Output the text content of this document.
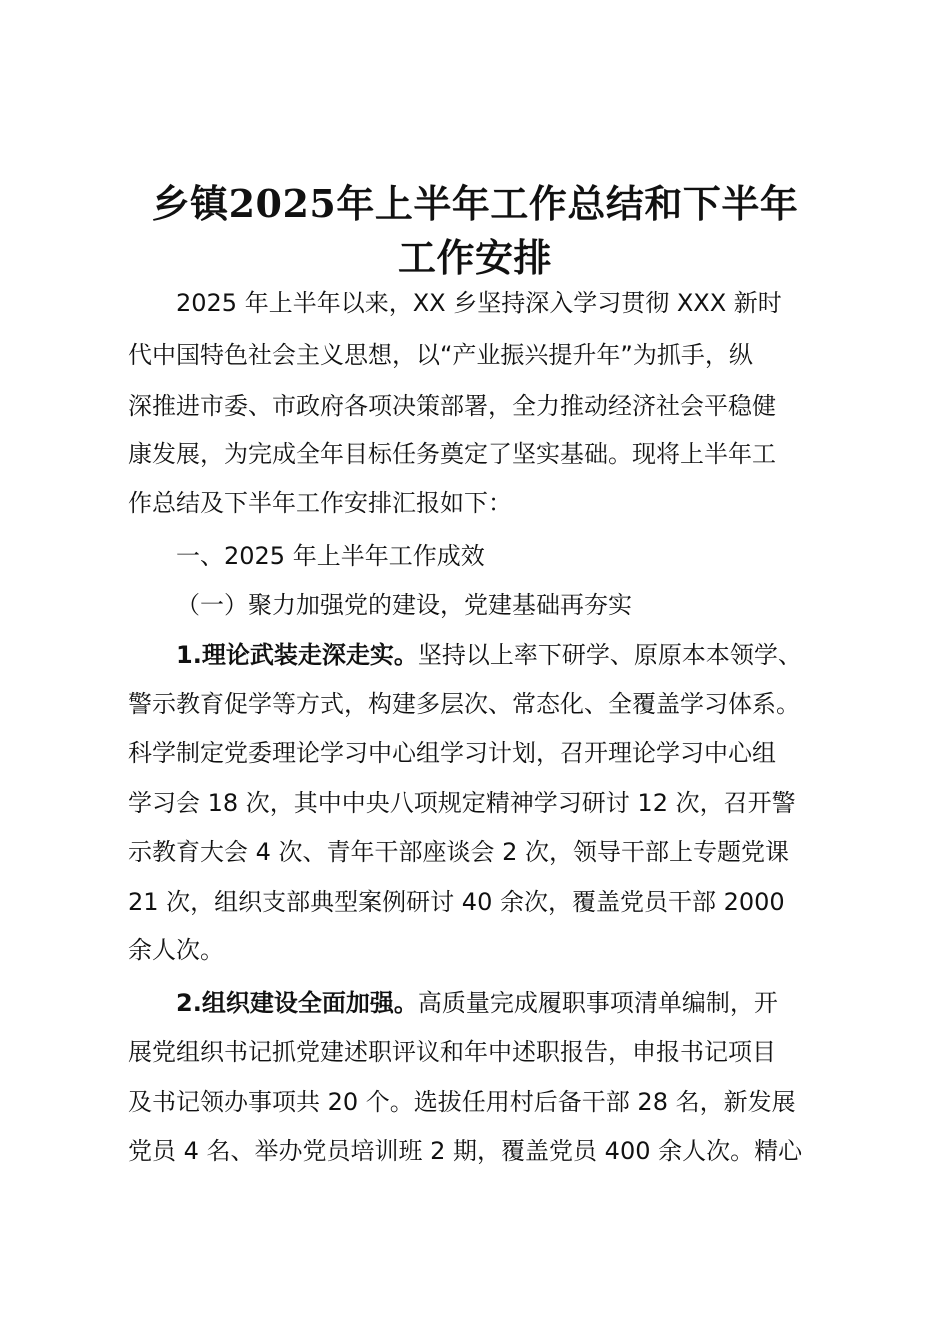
乡镇2025年上半年工作总结和下半年
工作安排

2025 年上半年以来，XX 乡坚持深入学习贯彻 XXX 新时

代中国特色社会主义思想，以“产业振兴提升年”为抓手，纵

深推进市委、市政府各项决策部署，全力推动经济社会平稳健

康发展，为完成全年目标任务奠定了坚实基础。现将上半年工

作总结及下半年工作安排汇报如下：

一、2025 年上半年工作成效

（一）聚力加强党的建设，党建基础再夯实

1.理论武装走深走实。坚持以上率下研学、原原本本领学、

警示教育促学等方式，构建多层次、常态化、全覆盖学习体系。

科学制定党委理论学习中心组学习计划，召开理论学习中心组

学习会 18 次，其中中央八项规定精神学习研讨 12 次，召开警

示教育大会 4 次、青年干部座谈会 2 次，领导干部上专题党课

21 次，组织支部典型案例研讨 40 余次，覆盖党员干部 2000

余人次。

2.组织建设全面加强。高质量完成履职事项清单编制，开

展党组织书记抓党建述职评议和年中述职报告，申报书记项目

及书记领办事项共 20 个。选拔任用村后备干部 28 名，新发展

党员 4 名、举办党员培训班 2 期，覆盖党员 400 余人次。精心
